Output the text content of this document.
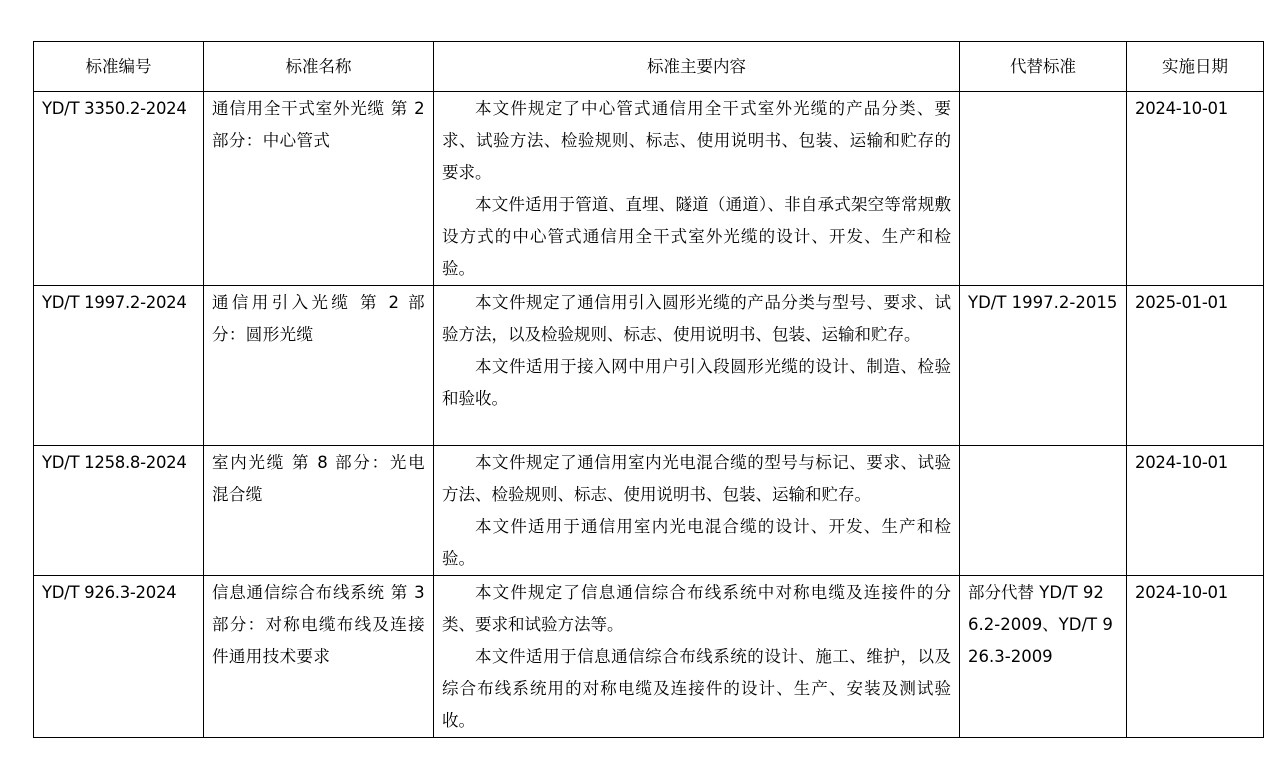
标准编号	标准名称	标准主要内容	代替标准	实施日期
YD/T 3350.2-2024	通信用全干式室外光缆 第 2 部分：中心管式	本文件规定了中心管式通信用全干式室外光缆的产品分类、要求、试验方法、检验规则、标志、使用说明书、包装、运输和贮存的要求。

本文件适用于管道、直埋、隧道（通道）、非自承式架空等常规敷设方式的中心管式通信用全干式室外光缆的设计、开发、生产和检验。		2024-10-01
YD/T 1997.2-2024	通信用引入光缆 第 2 部分：圆形光缆	本文件规定了通信用引入圆形光缆的产品分类与型号、要求、试验方法，以及检验规则、标志、使用说明书、包装、运输和贮存。

本文件适用于接入网中用户引入段圆形光缆的设计、制造、检验和验收。	YD/T 1997.2-2015	2025-01-01
YD/T 1258.8-2024	室内光缆 第 8 部分：光电混合缆	本文件规定了通信用室内光电混合缆的型号与标记、要求、试验方法、检验规则、标志、使用说明书、包装、运输和贮存。

本文件适用于通信用室内光电混合缆的设计、开发、生产和检验。		2024-10-01
YD/T 926.3-2024	信息通信综合布线系统 第 3 部分：对称电缆布线及连接件通用技术要求	本文件规定了信息通信综合布线系统中对称电缆及连接件的分类、要求和试验方法等。

本文件适用于信息通信综合布线系统的设计、施工、维护，以及综合布线系统用的对称电缆及连接件的设计、生产、安装及测试验收。	部分代替 YD/T 926.2-2009、YD/T 926.3-2009	2024-10-01
